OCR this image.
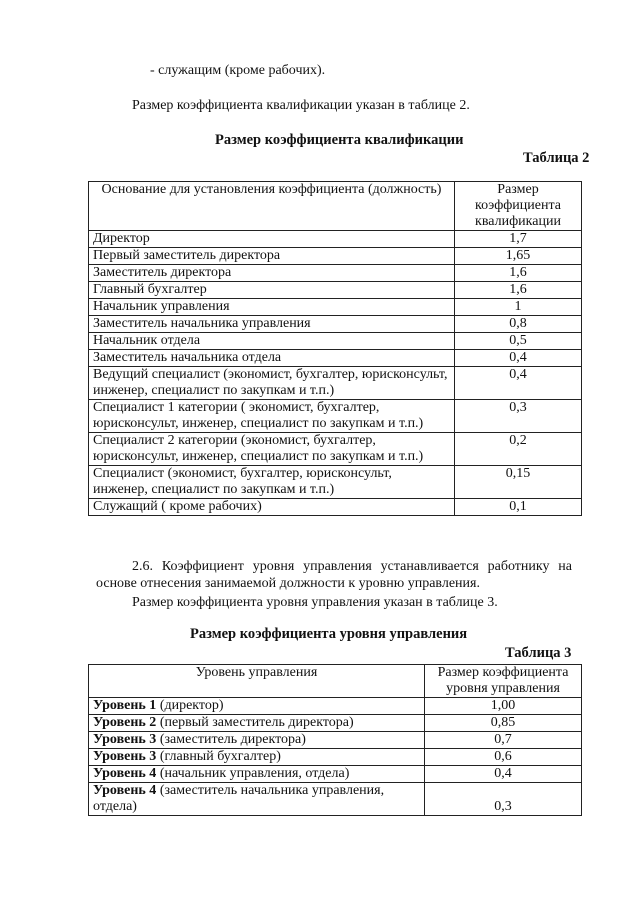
- служащим (кроме рабочих).
Размер коэффициента квалификации указан в таблице 2.
Размер коэффициента квалификации
Таблица 2
Основание для установления коэффициента (должность)	Размер коэффициента квалификации
Директор	1,7
Первый заместитель директора	1,65
Заместитель директора	1,6
Главный бухгалтер	1,6
Начальник управления	1
Заместитель начальника управления	0,8
Начальник отдела	0,5
Заместитель начальника отдела	0,4
Ведущий специалист (экономист, бухгалтер, юрисконсульт, инженер, специалист по закупкам и т.п.)	0,4
Специалист 1 категории ( экономист, бухгалтер, юрисконсульт, инженер, специалист по закупкам и т.п.)	0,3
Специалист 2 категории (экономист, бухгалтер, юрисконсульт, инженер, специалист по закупкам и т.п.)	0,2
Специалист (экономист, бухгалтер, юрисконсульт, инженер, специалист по закупкам и т.п.)	0,15
Служащий ( кроме рабочих)	0,1
2.6. Коэффициент уровня управления устанавливается работнику на основе отнесения занимаемой должности к уровню управления.
Размер коэффициента уровня управления указан в таблице 3.
Размер коэффициента уровня управления
Таблица 3
Уровень управления	Размер коэффициента уровня управления
Уровень 1 (директор)	1,00
Уровень 2 (первый заместитель директора)	0,85
Уровень 3 (заместитель директора)	0,7
Уровень 3 (главный бухгалтер)	0,6
Уровень 4 (начальник управления, отдела)	0,4
Уровень 4 (заместитель начальника управления, отдела)	0,3
